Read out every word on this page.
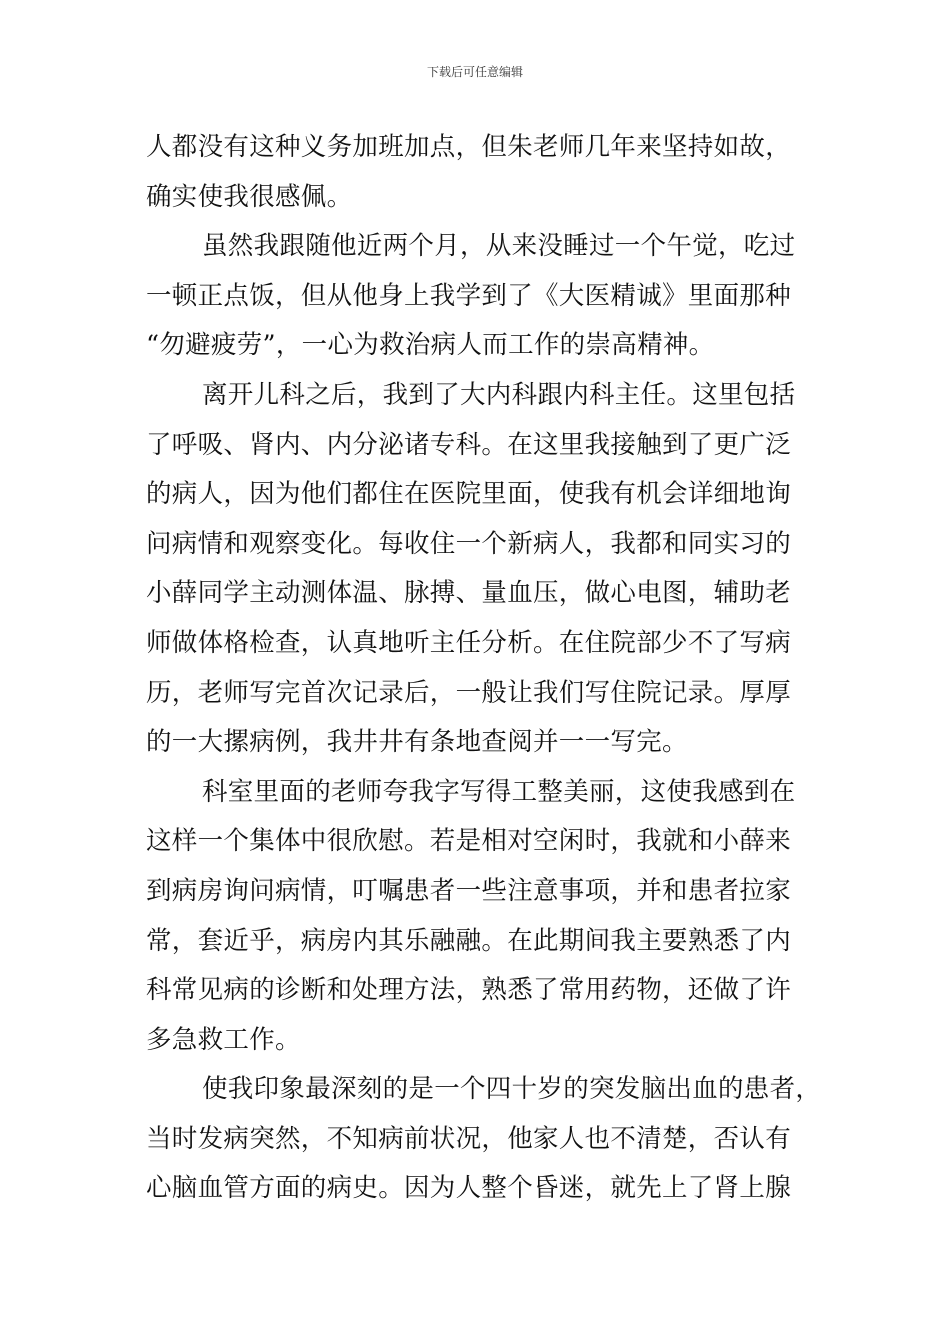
下载后可任意编辑
人都没有这种义务加班加点，但朱老师几年来坚持如故，
确实使我很感佩。
虽然我跟随他近两个月，从来没睡过一个午觉，吃过
一顿正点饭，但从他身上我学到了《大医精诚》里面那种
“勿避疲劳”，一心为救治病人而工作的崇高精神。
离开儿科之后，我到了大内科跟内科主任。这里包括
了呼吸、肾内、内分泌诸专科。在这里我接触到了更广泛
的病人，因为他们都住在医院里面，使我有机会详细地询
问病情和观察变化。每收住一个新病人，我都和同实习的
小薛同学主动测体温、脉搏、量血压，做心电图，辅助老
师做体格检查，认真地听主任分析。在住院部少不了写病
历，老师写完首次记录后，一般让我们写住院记录。厚厚
的一大摞病例，我井井有条地查阅并一一写完。
科室里面的老师夸我字写得工整美丽，这使我感到在
这样一个集体中很欣慰。若是相对空闲时，我就和小薛来
到病房询问病情，叮嘱患者一些注意事项，并和患者拉家
常，套近乎，病房内其乐融融。在此期间我主要熟悉了内
科常见病的诊断和处理方法，熟悉了常用药物，还做了许
多急救工作。
使我印象最深刻的是一个四十岁的突发脑出血的患者，
当时发病突然，不知病前状况，他家人也不清楚，否认有
心脑血管方面的病史。因为人整个昏迷，就先上了肾上腺
